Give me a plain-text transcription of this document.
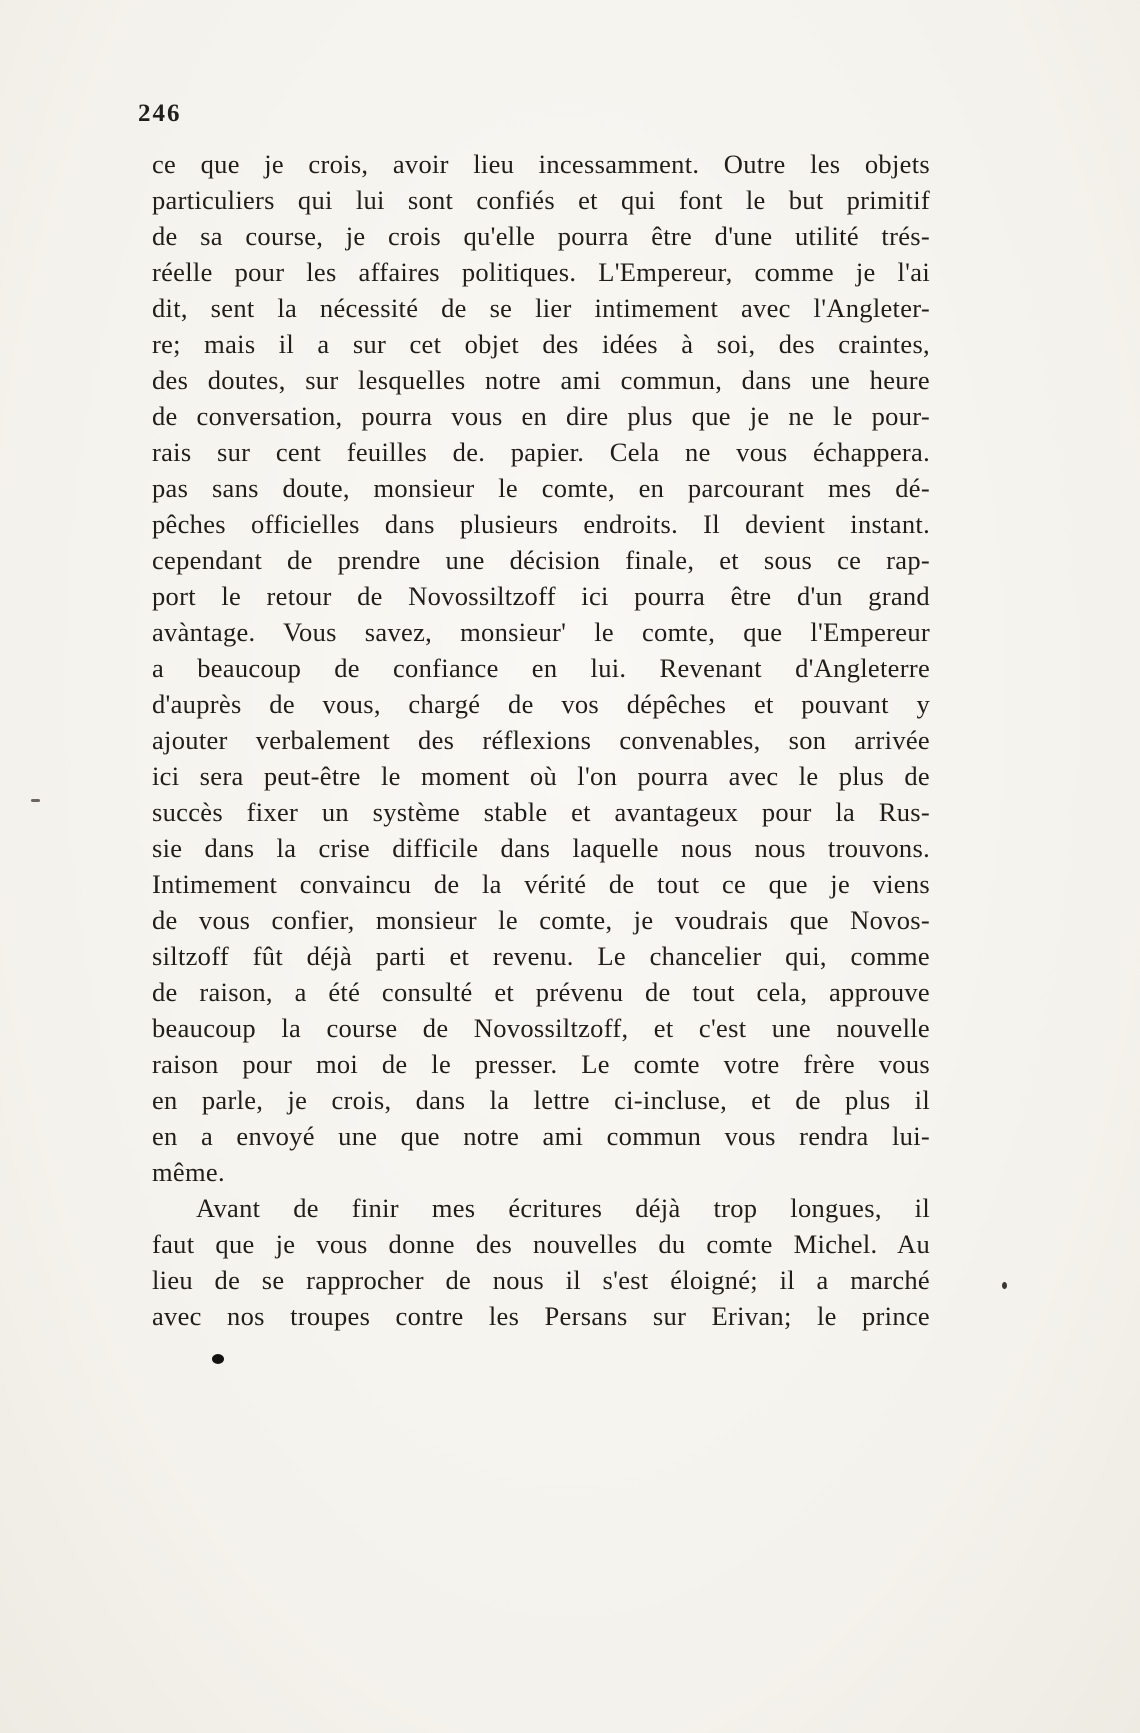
246
ce que je crois, avoir lieu incessamment. Outre les objets
particuliers qui lui sont confiés et qui font le but primitif
de sa course, je crois qu'elle pourra être d'une utilité trés-
réelle pour les affaires politiques. L'Empereur, comme je l'ai
dit, sent la nécessité de se lier intimement avec l'Angleter-
re; mais il a sur cet objet des idées à soi, des craintes,
des doutes, sur lesquelles notre ami commun, dans une heure
de conversation, pourra vous en dire plus que je ne le pour-
rais sur cent feuilles de. papier. Cela ne vous échappera.
pas sans doute, monsieur le comte, en parcourant mes dé-
pêches officielles dans plusieurs endroits. Il devient instant.
cependant de prendre une décision finale, et sous ce rap-
port le retour de Novossiltzoff ici pourra être d'un grand
avàntage. Vous savez, monsieur' le comte, que l'Empereur
a beaucoup de confiance en lui. Revenant d'Angleterre
d'auprès de vous, chargé de vos dépêches et pouvant y
ajouter verbalement des réflexions convenables, son arrivée
ici sera peut-être le moment où l'on pourra avec le plus de
succès fixer un système stable et avantageux pour la Rus-
sie dans la crise difficile dans laquelle nous nous trouvons.
Intimement convaincu de la vérité de tout ce que je viens
de vous confier, monsieur le comte, je voudrais que Novos-
siltzoff fût déjà parti et revenu. Le chancelier qui, comme
de raison, a été consulté et prévenu de tout cela, approuve
beaucoup la course de Novossiltzoff, et c'est une nouvelle
raison pour moi de le presser. Le comte votre frère vous
en parle, je crois, dans la lettre ci-incluse, et de plus il
en a envoyé une que notre ami commun vous rendra lui-
même.
Avant de finir mes écritures déjà trop longues, il
faut que je vous donne des nouvelles du comte Michel. Au
lieu de se rapprocher de nous il s'est éloigné; il a marché
avec nos troupes contre les Persans sur Erivan; le prince
